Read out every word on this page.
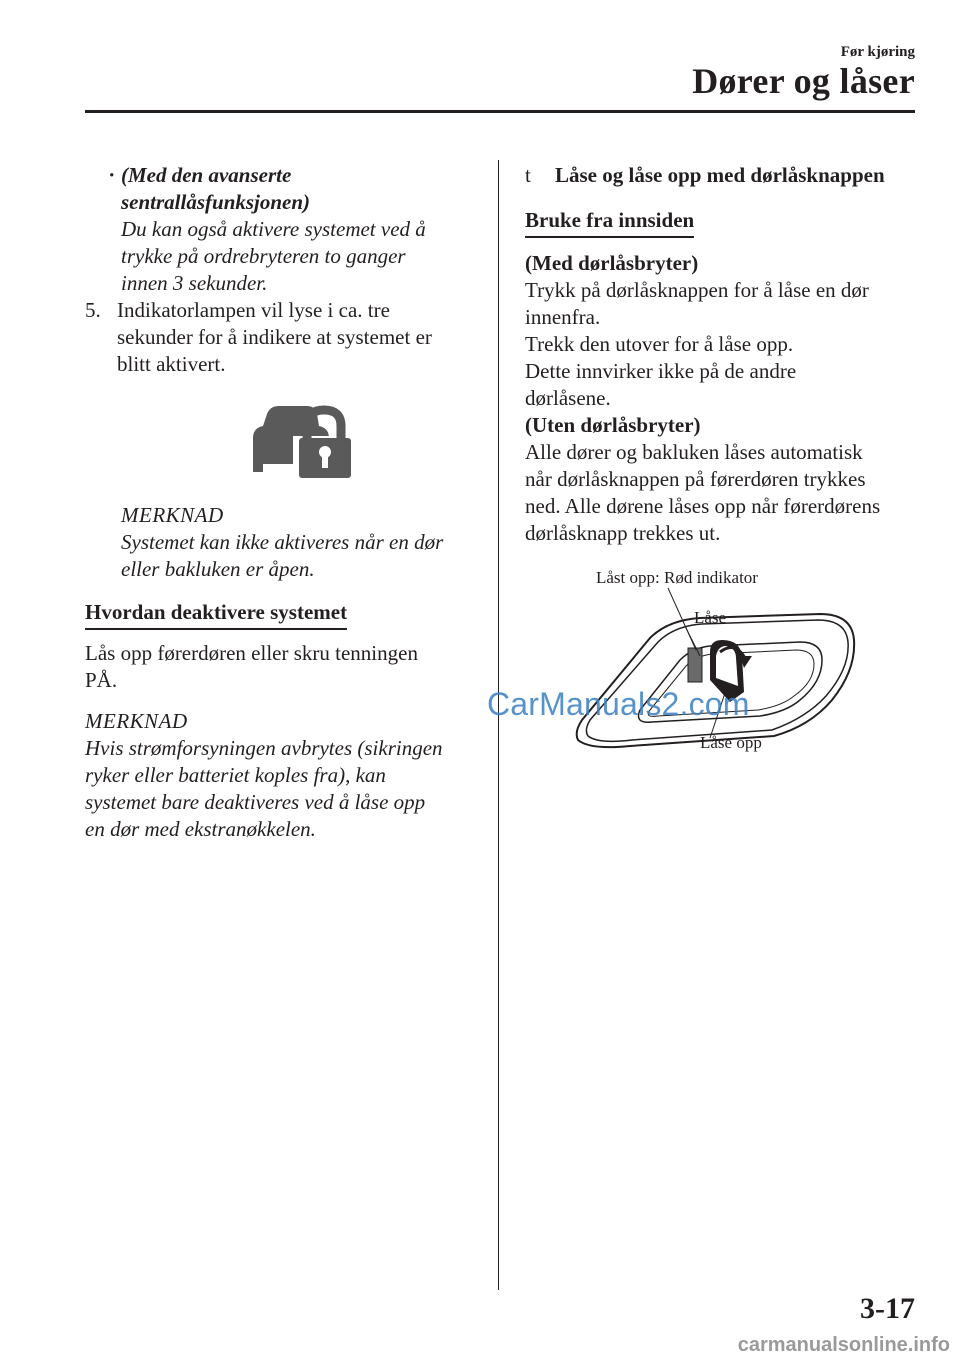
Før kjøring
Dører og låser
· (Med den avanserte
sentrallåsfunksjonen)
Du kan også aktivere systemet ved å
trykke på ordrebryteren to ganger
innen 3 sekunder.
5. Indikatorlampen vil lyse i ca. tre
sekunder for å indikere at systemet er
blitt aktivert.
MERKNAD
Systemet kan ikke aktiveres når en dør
eller bakluken er åpen.
Hvordan deaktivere systemet
Lås opp førerdøren eller skru tenningen
PÅ.
MERKNAD
Hvis strømforsyningen avbrytes (sikringen
ryker eller batteriet koples fra), kan
systemet bare deaktiveres ved å låse opp
en dør med ekstranøkkelen.
t Låse og låse opp med dørlåsknappen
Bruke fra innsiden
(Med dørlåsbryter)
Trykk på dørlåsknappen for å låse en dør
innenfra.
Trekk den utover for å låse opp.
Dette innvirker ikke på de andre
dørlåsene.
(Uten dørlåsbryter)
Alle dører og bakluken låses automatisk
når dørlåsknappen på førerdøren trykkes
ned. Alle dørene låses opp når førerdørens
dørlåsknapp trekkes ut.
Låst opp: Rød indikator
Låse
Låse opp
CarManuals2.com
3-17
carmanualsonline.info
